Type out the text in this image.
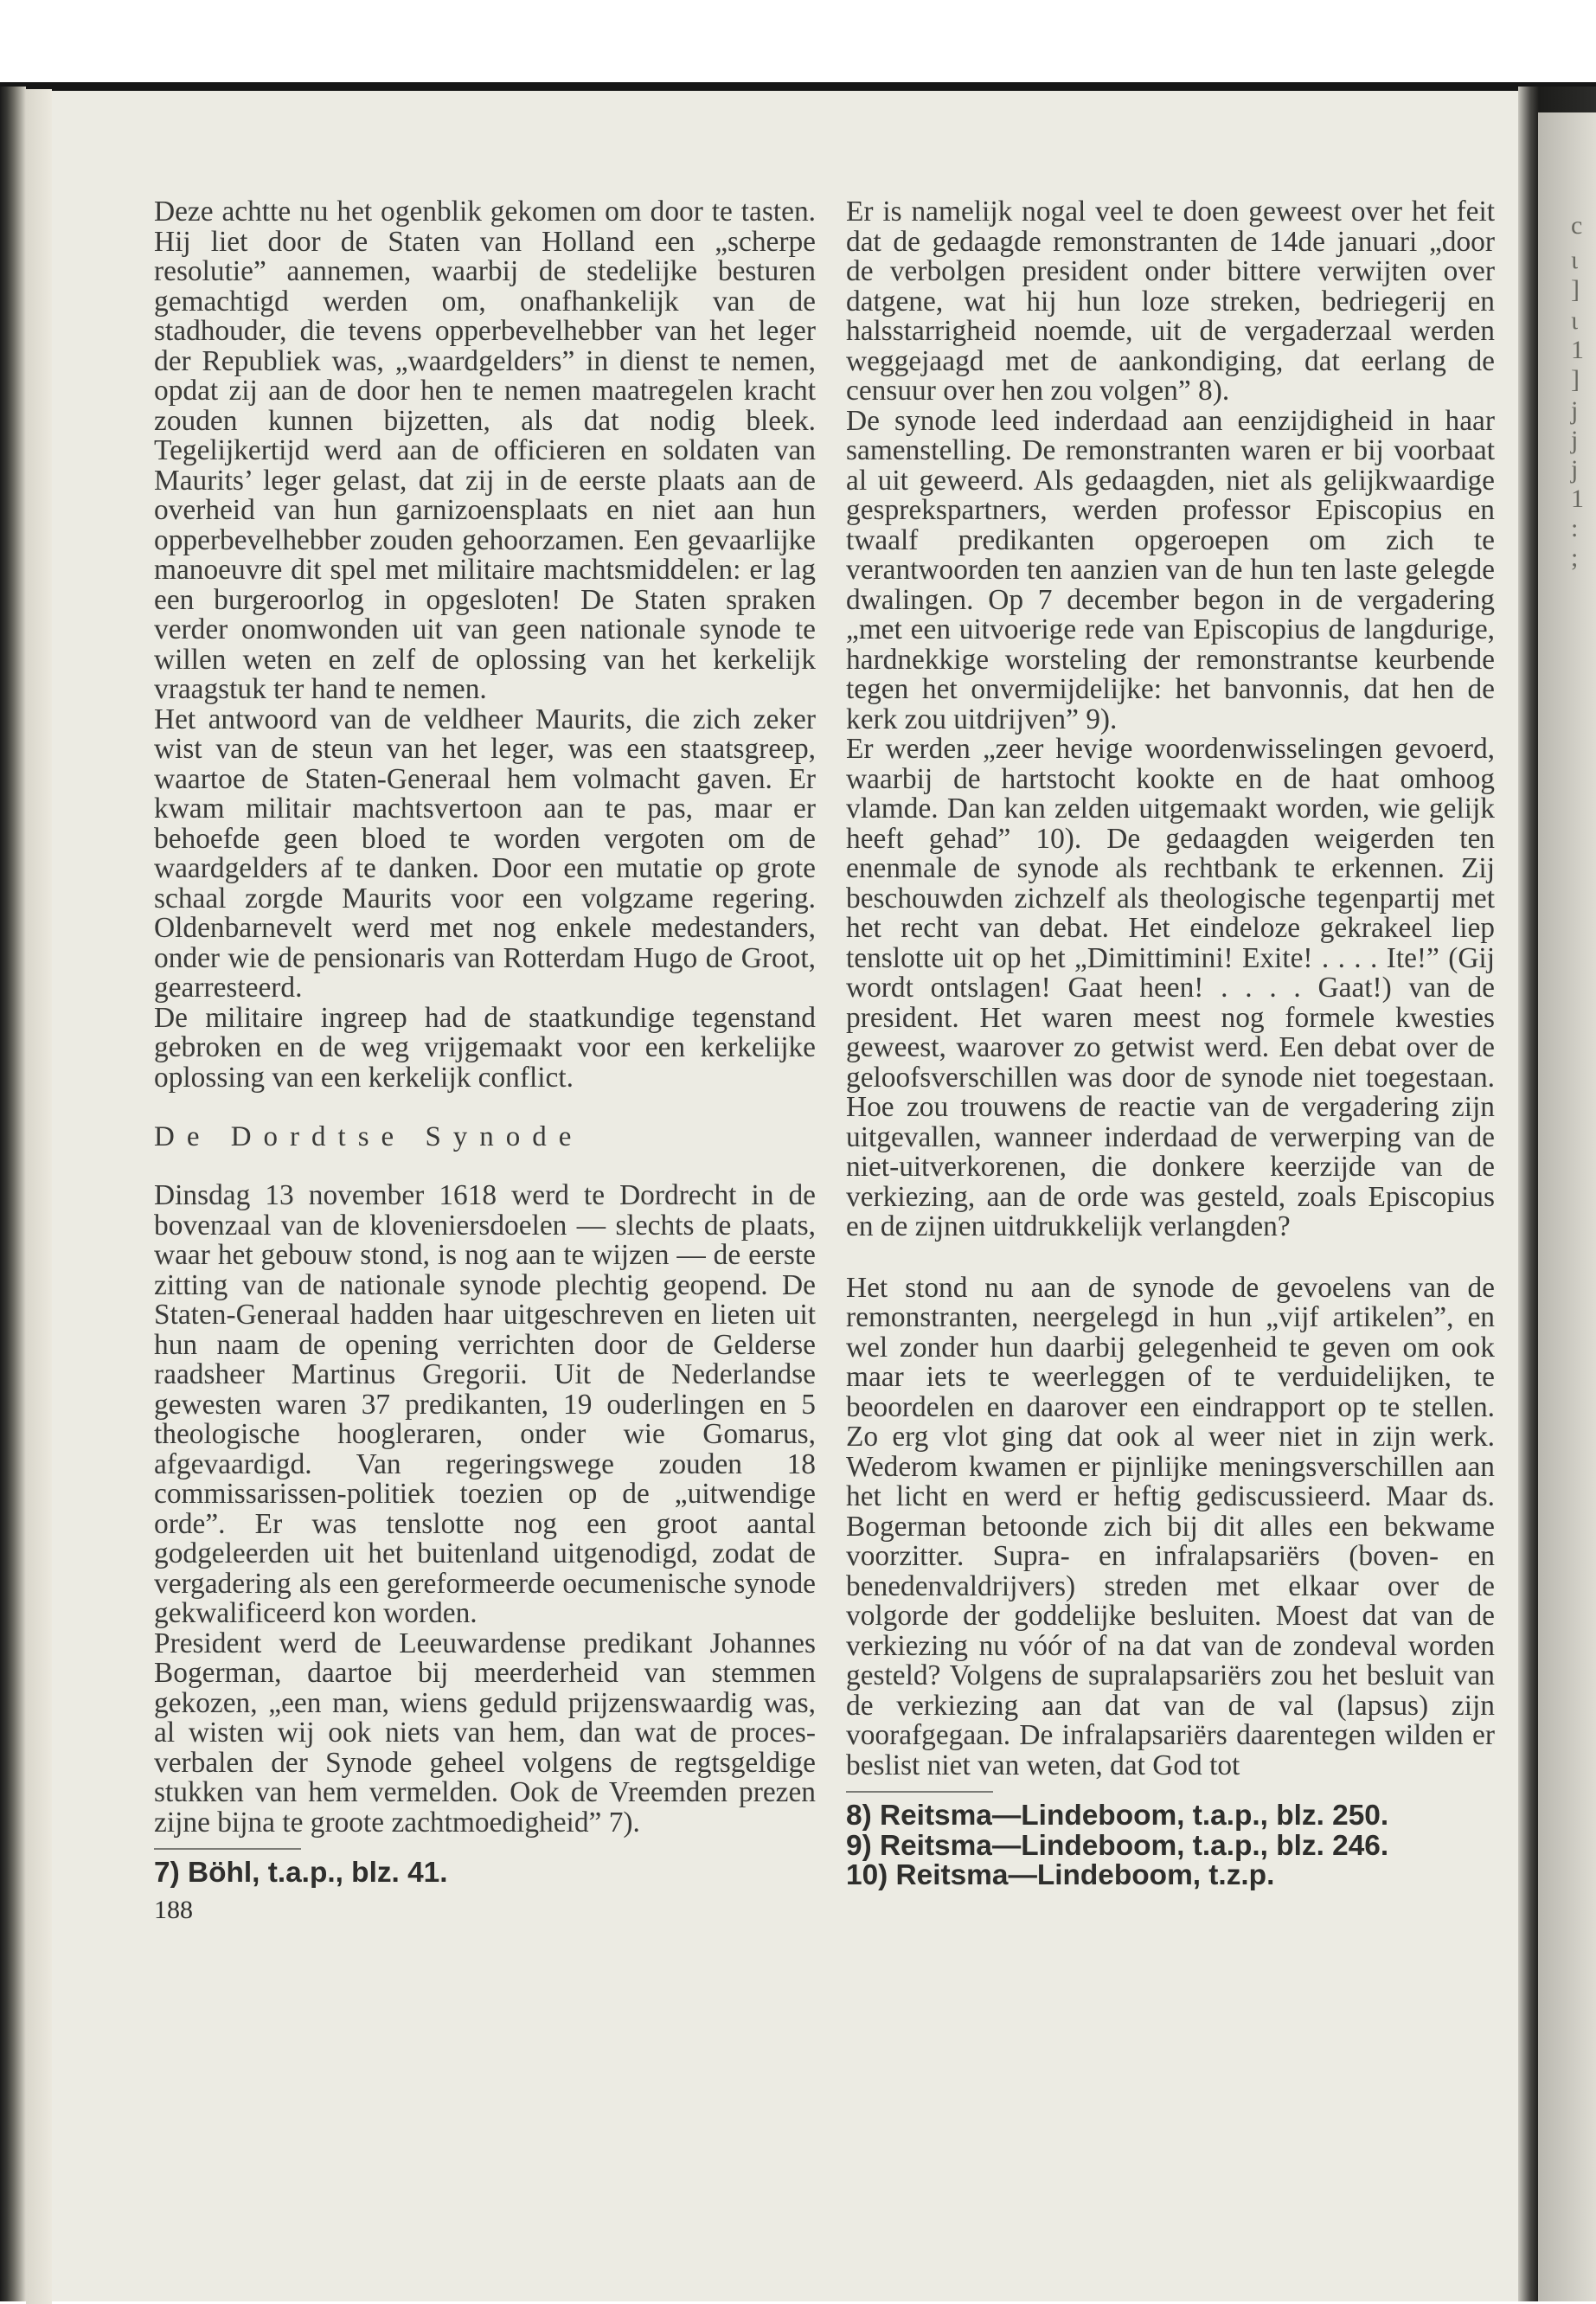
c
ι
]
ι
1
]
j
j
j
1
:
;

Deze achtte nu het ogenblik gekomen om door te tasten. Hij liet door de Staten van Holland een „scherpe resolutie” aannemen, waarbij de stedelijke besturen gemachtigd werden om, onafhankelijk van de stadhouder, die tevens opperbevelhebber van het leger der Republiek was, „waardgelders” in dienst te nemen, opdat zij aan de door hen te nemen maatregelen kracht zouden kunnen bijzetten, als dat nodig bleek. Tegelijkertijd werd aan de officieren en soldaten van Maurits’ leger gelast, dat zij in de eerste plaats aan de overheid van hun garnizoensplaats en niet aan hun opperbevelhebber zouden gehoorzamen. Een gevaarlijke manoeuvre dit spel met militaire machtsmiddelen: er lag een burgeroorlog in opgesloten! De Staten spraken verder onomwonden uit van geen nationale synode te willen weten en zelf de oplossing van het kerkelijk vraagstuk ter hand te nemen.

Het antwoord van de veldheer Maurits, die zich zeker wist van de steun van het leger, was een staatsgreep, waartoe de Staten-Generaal hem volmacht gaven. Er kwam militair machtsvertoon aan te pas, maar er behoefde geen bloed te worden vergoten om de waardgelders af te danken. Door een mutatie op grote schaal zorgde Maurits voor een volgzame regering. Oldenbarnevelt werd met nog enkele medestanders, onder wie de pensionaris van Rotterdam Hugo de Groot, gearresteerd.

De militaire ingreep had de staatkundige tegenstand gebroken en de weg vrijgemaakt voor een kerkelijke oplossing van een kerkelijk conflict.

De Dordtse Synode

Dinsdag 13 november 1618 werd te Dordrecht in de bovenzaal van de kloveniersdoelen — slechts de plaats, waar het gebouw stond, is nog aan te wijzen — de eerste zitting van de nationale synode plechtig geopend. De Staten-Generaal hadden haar uitgeschreven en lieten uit hun naam de opening verrichten door de Gelderse raadsheer Martinus Gregorii. Uit de Nederlandse gewesten waren 37 predikanten, 19 ouderlingen en 5 theologische hoogleraren, onder wie Gomarus, afgevaardigd. Van regeringswege zouden 18 commissarissen-politiek toezien op de „uitwendige orde”. Er was tenslotte nog een groot aantal godgeleerden uit het buitenland uitgenodigd, zodat de vergadering als een gereformeerde oecumenische synode gekwalificeerd kon worden.

President werd de Leeuwardense predikant Johannes Bogerman, daartoe bij meerderheid van stemmen gekozen, „een man, wiens geduld prijzenswaardig was, al wisten wij ook niets van hem, dan wat de proces-verbalen der Synode geheel volgens de regtsgeldige stukken van hem vermelden. Ook de Vreemden prezen zijne bijna te groote zachtmoedigheid” 7).

7) Böhl, t.a.p., blz. 41.

188

Er is namelijk nogal veel te doen geweest over het feit dat de gedaagde remonstranten de 14de januari „door de verbolgen president onder bittere verwijten over datgene, wat hij hun loze streken, bedriegerij en halsstarrigheid noemde, uit de vergaderzaal werden weggejaagd met de aankondiging, dat eerlang de censuur over hen zou volgen” 8).

De synode leed inderdaad aan eenzijdigheid in haar samenstelling. De remonstranten waren er bij voorbaat al uit geweerd. Als gedaagden, niet als gelijkwaardige gesprekspartners, werden professor Episcopius en twaalf predikanten opgeroepen om zich te verantwoorden ten aanzien van de hun ten laste gelegde dwalingen. Op 7 december begon in de vergadering „met een uitvoerige rede van Episcopius de langdurige, hardnekkige worsteling der remonstrantse keurbende tegen het onvermijdelijke: het banvonnis, dat hen de kerk zou uitdrijven” 9).

Er werden „zeer hevige woordenwisselingen gevoerd, waarbij de hartstocht kookte en de haat omhoog vlamde. Dan kan zelden uitgemaakt worden, wie gelijk heeft gehad” 10). De gedaagden weigerden ten enenmale de synode als rechtbank te erkennen. Zij beschouwden zichzelf als theologische tegenpartij met het recht van debat. Het eindeloze gekrakeel liep tenslotte uit op het „Dimittimini! Exite! . . . . Ite!” (Gij wordt ontslagen! Gaat heen! . . . . Gaat!) van de president. Het waren meest nog formele kwesties geweest, waarover zo getwist werd. Een debat over de geloofsverschillen was door de synode niet toegestaan. Hoe zou trouwens de reactie van de vergadering zijn uitgevallen, wanneer inderdaad de verwerping van de niet-uitverkorenen, die donkere keerzijde van de verkiezing, aan de orde was gesteld, zoals Episcopius en de zijnen uitdrukkelijk verlangden?

Het stond nu aan de synode de gevoelens van de remonstranten, neergelegd in hun „vijf artikelen”, en wel zonder hun daarbij gelegenheid te geven om ook maar iets te weerleggen of te verduidelijken, te beoordelen en daarover een eindrapport op te stellen. Zo erg vlot ging dat ook al weer niet in zijn werk. Wederom kwamen er pijnlijke meningsverschillen aan het licht en werd er heftig gediscussieerd. Maar ds. Bogerman betoonde zich bij dit alles een bekwame voorzitter. Supra- en infralapsariërs (boven- en benedenvaldrijvers) streden met elkaar over de volgorde der goddelijke besluiten. Moest dat van de verkiezing nu vóór of na dat van de zondeval worden gesteld? Volgens de supralapsariërs zou het besluit van de verkiezing aan dat van de val (lapsus) zijn voorafgegaan. De infralapsariërs daarentegen wilden er beslist niet van weten, dat God tot

8) Reitsma—Lindeboom, t.a.p., blz. 250.

9) Reitsma—Lindeboom, t.a.p., blz. 246.

10) Reitsma—Lindeboom, t.z.p.
